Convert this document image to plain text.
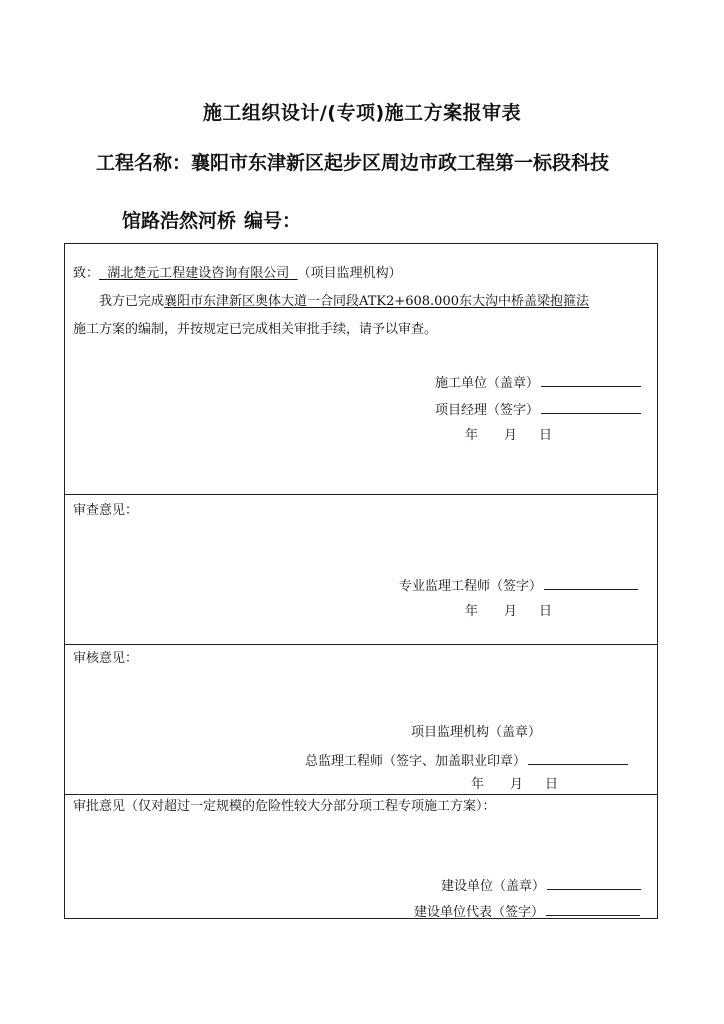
施工组织设计/(专项)施工方案报审表
工程名称：襄阳市东津新区起步区周边市政工程第一标段科技
馆路浩然河桥 编号：
致： 湖北楚元工程建设咨询有限公司 （项目监理机构）
我方已完成襄阳市东津新区奥体大道一合同段ATK2+608.000东大沟中桥盖梁抱箍法
施工方案的编制，并按规定已完成相关审批手续，请予以审查。
施工单位（盖章）
项目经理（签字）
年 月 日
审查意见：
专业监理工程师（签字）
年 月 日
审核意见：
项目监理机构（盖章）
总监理工程师（签字、加盖职业印章）
年 月 日
审批意见（仅对超过一定规模的危险性较大分部分项工程专项施工方案）：
建设单位（盖章）
建设单位代表（签字）
